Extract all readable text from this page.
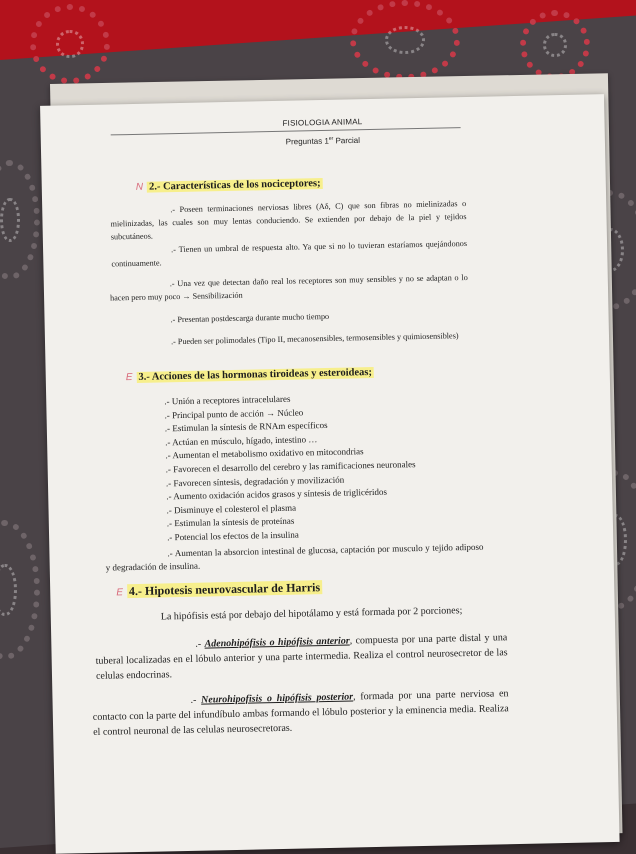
FISIOLOGIA ANIMAL
Preguntas 1er Parcial
N 2.- Características de los nociceptores;
.- Poseen terminaciones nerviosas libres (Aδ, C) que son fibras no mielinizadas o mielinizadas, las cuales son muy lentas conduciendo. Se extienden por debajo de la piel y tejidos subcutáneos.
.- Tienen un umbral de respuesta alto. Ya que si no lo tuvieran estaríamos quejándonos continuamente.
.- Una vez que detectan daño real los receptores son muy sensibles y no se adaptan o lo hacen pero muy poco → Sensibilización
.- Presentan postdescarga durante mucho tiempo
.- Pueden ser polimodales (Tipo II, mecanosensibles, termosensibles y quimiosensibles)
E 3.- Acciones de las hormonas tiroideas y esteroideas;
.- Unión a receptores intracelulares
.- Principal punto de acción → Núcleo
.- Estimulan la síntesis de RNAm específicos
.- Actúan en músculo, hígado, intestino …
.- Aumentan el metabolismo oxidativo en mitocondrias
.- Favorecen el desarrollo del cerebro y las ramificaciones neuronales
.- Favorecen síntesis, degradación y movilización
.- Aumento oxidación acidos grasos y síntesis de triglicéridos
.- Disminuye el colesterol el plasma
.- Estimulan la síntesis de proteínas
.- Potencial los efectos de la insulina
.- Aumentan la absorcion intestinal de glucosa, captación por musculo y tejido adiposo y degradación de insulina.
E 4.- Hipotesis neurovascular de Harris
La hipófisis está por debajo del hipotálamo y está formada por 2 porciones;
.- Adenohipófisis o hipófisis anterior, compuesta por una parte distal y una tuberal localizadas en el lóbulo anterior y una parte intermedia. Realiza el control neurosecretor de las celulas endocrinas.
.- Neurohipofisis o hipófisis posterior, formada por una parte nerviosa en contacto con la parte del infundíbulo ambas formando el lóbulo posterior y la eminencia media. Realiza el control neuronal de las celulas neurosecretoras.
